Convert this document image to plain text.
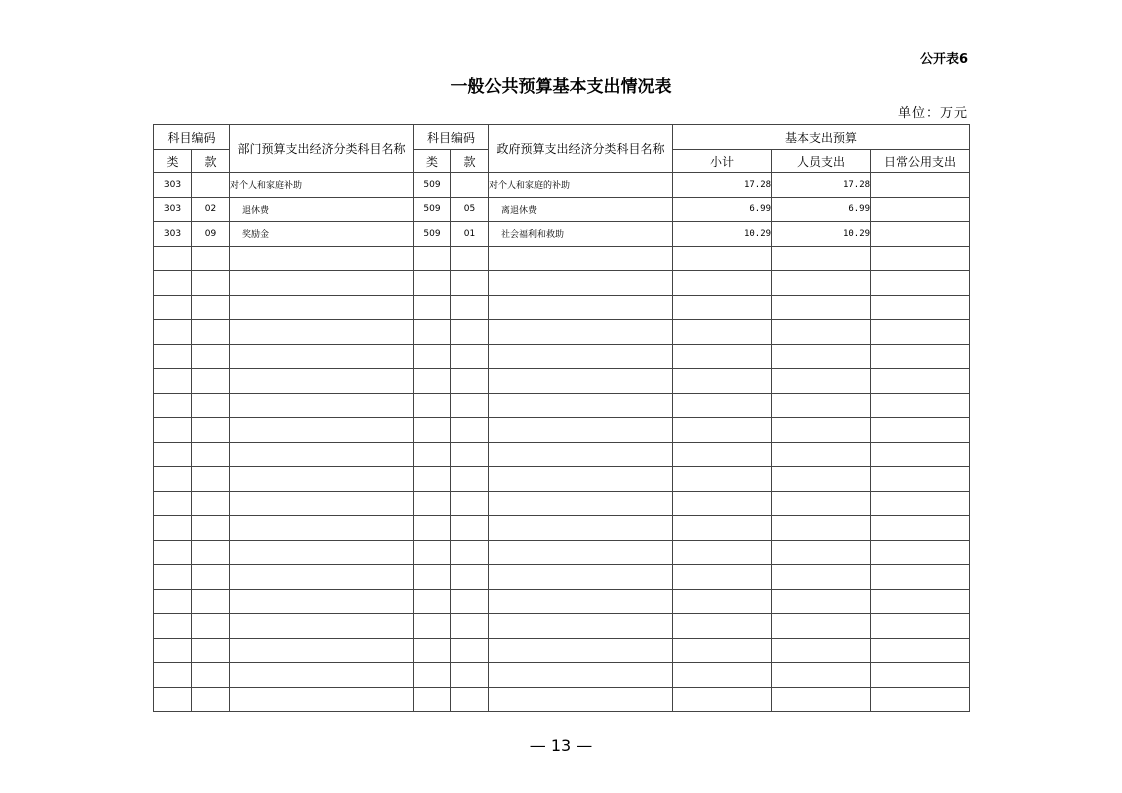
公开表6
一般公共预算基本支出情况表
单位：万元
科目编码		部门预算支出经济分类科目名称	科目编码		政府预算支出经济分类科目名称	基本支出预算		
类	款		类	款		小计	人员支出	日常公用支出
303		对个人和家庭补助	509		对个人和家庭的补助	17.28	17.28	
303	02	退休费	509	05	离退休费	6.99	6.99	
303	09	奖励金	509	01	社会福利和救助	10.29	10.29	

— 13 —
